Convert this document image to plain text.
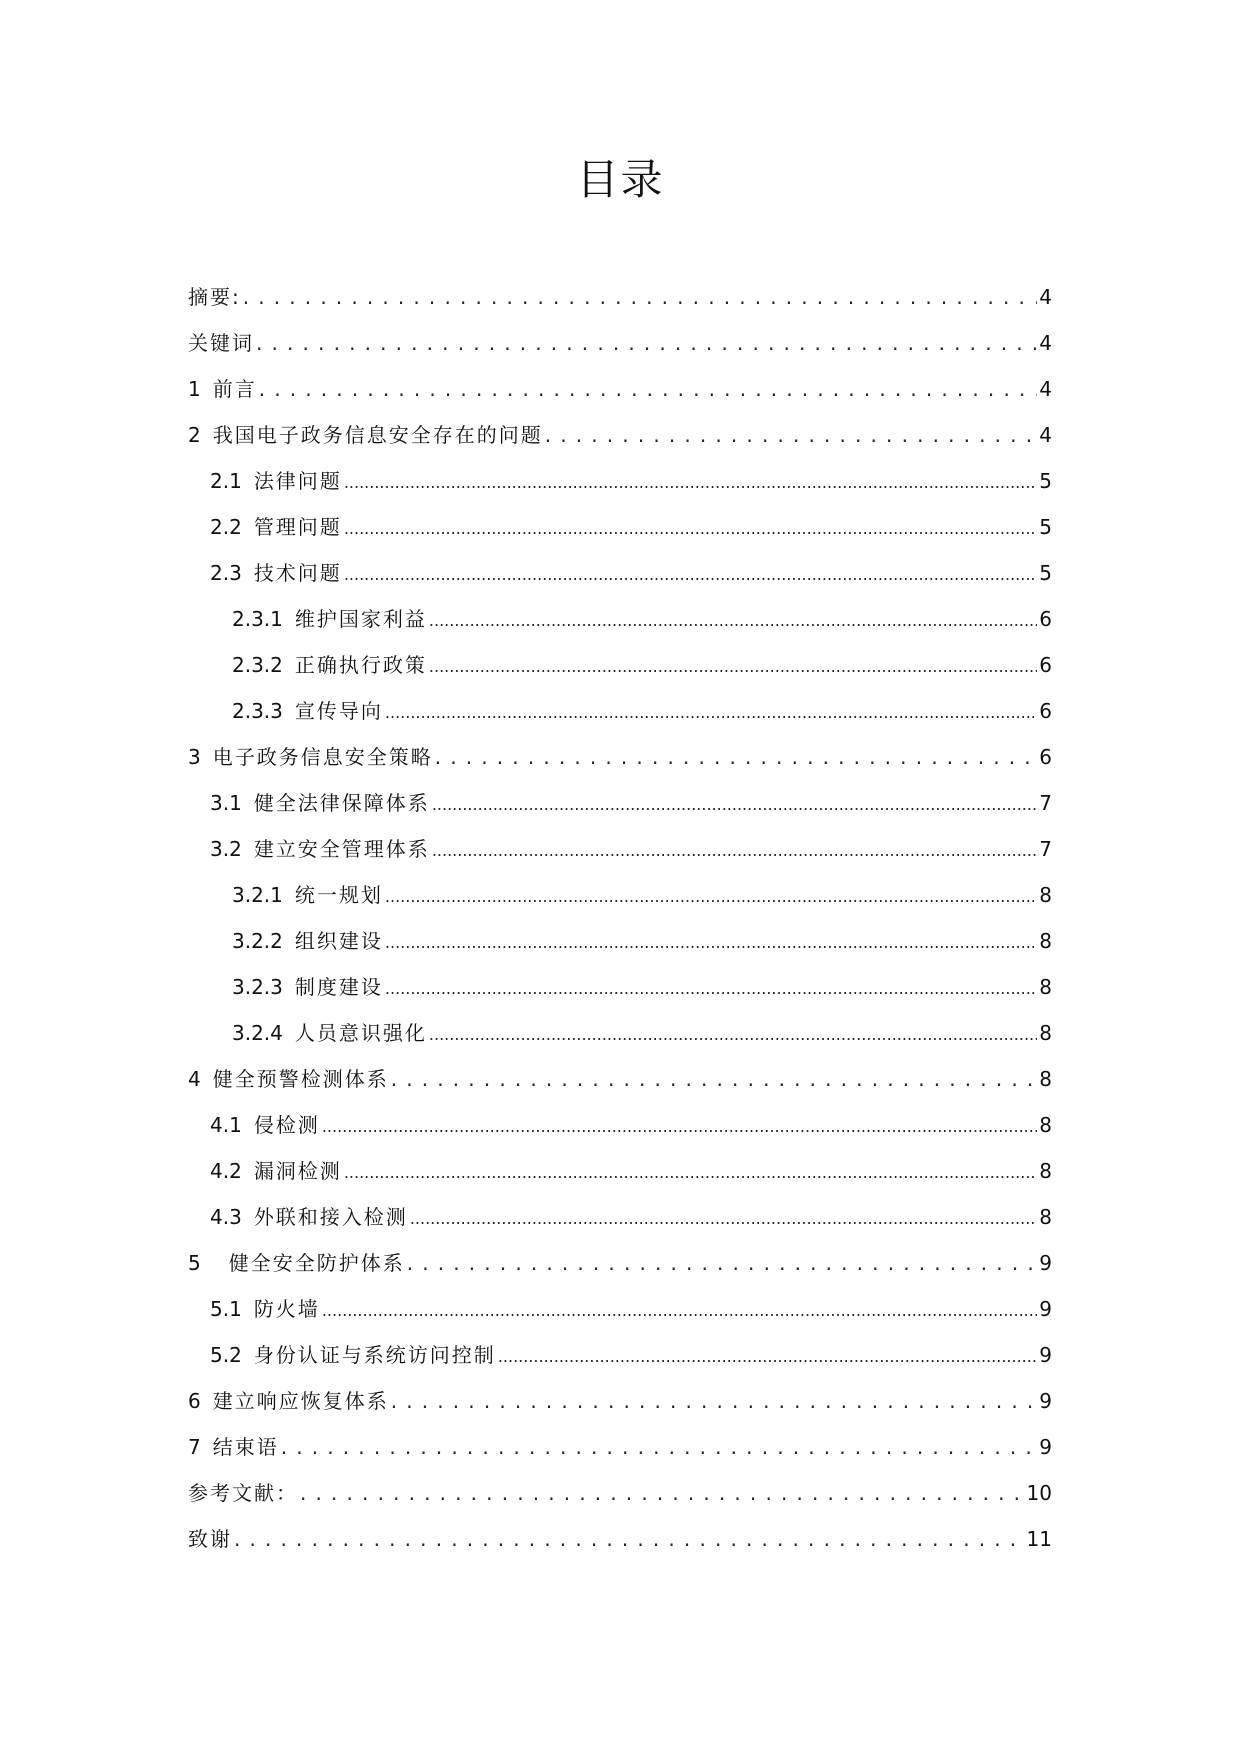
目录
摘要: . . .	4
关键词 . . .	4
1 前言 . . .	4
2 我国电子政务信息安全存在的问题 . . .	4
2.1 法律问题 .....	5
2.2 管理问题 .....	5
2.3 技术问题 .....	5
2.3.1 维护国家利益 .....	6
2.3.2 正确执行政策 .....	6
2.3.3 宣传导向 .....	6
3 电子政务信息安全策略 . . .	6
3.1 健全法律保障体系 .....	7
3.2 建立安全管理体系 .....	7
3.2.1 统一规划 .....	8
3.2.2 组织建设 .....	8
3.2.3 制度建设 .....	8
3.2.4 人员意识强化 .....	8
4 健全预警检测体系 . . .	8
4.1 侵检测 .....	8
4.2 漏洞检测 .....	8
4.3 外联和接入检测 .....	8
5 健全安全防护体系 . . .	9
5.1 防火墙 .....	9
5.2 身份认证与系统访问控制 .....	9
6 建立响应恢复体系 . . .	9
7 结束语 . . .	9
参考文献： . . .	10
致谢 . . .	11
